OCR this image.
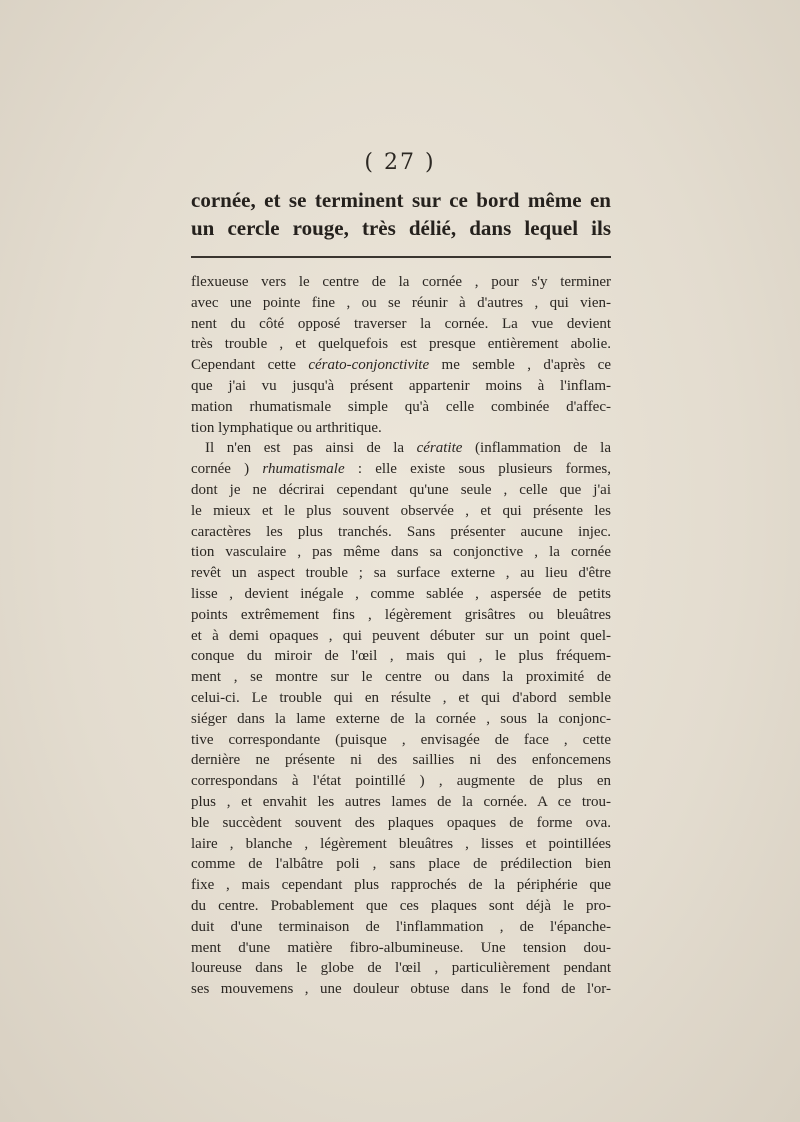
( 27 )
cornée, et se terminent sur ce bord même en
un cercle rouge, très délié, dans lequel ils
flexueuse vers le centre de la cornée , pour s'y terminer
avec une pointe fine , ou se réunir à d'autres , qui vien-
nent du côté opposé traverser la cornée. La vue devient
très trouble , et quelquefois est presque entièrement abolie.
Cependant cette cérato-conjonctivite me semble , d'après ce
que j'ai vu jusqu'à présent appartenir moins à l'inflam-
mation rhumatismale simple qu'à celle combinée d'affec-
tion lymphatique ou arthritique.
Il n'en est pas ainsi de la cératite (inflammation de la
cornée ) rhumatismale : elle existe sous plusieurs formes,
dont je ne décrirai cependant qu'une seule , celle que j'ai
le mieux et le plus souvent observée , et qui présente les
caractères les plus tranchés. Sans présenter aucune injec.
tion vasculaire , pas même dans sa conjonctive , la cornée
revêt un aspect trouble ; sa surface externe , au lieu d'être
lisse , devient inégale , comme sablée , aspersée de petits
points extrêmement fins , légèrement grisâtres ou bleuâtres
et à demi opaques , qui peuvent débuter sur un point quel-
conque du miroir de l'œil , mais qui , le plus fréquem-
ment , se montre sur le centre ou dans la proximité de
celui-ci. Le trouble qui en résulte , et qui d'abord semble
siéger dans la lame externe de la cornée , sous la conjonc-
tive correspondante (puisque , envisagée de face , cette
dernière ne présente ni des saillies ni des enfoncemens
correspondans à l'état pointillé ) , augmente de plus en
plus , et envahit les autres lames de la cornée. A ce trou-
ble succèdent souvent des plaques opaques de forme ova.
laire , blanche , légèrement bleuâtres , lisses et pointillées
comme de l'albâtre poli , sans place de prédilection bien
fixe , mais cependant plus rapprochés de la périphérie que
du centre. Probablement que ces plaques sont déjà le pro-
duit d'une terminaison de l'inflammation , de l'épanche-
ment d'une matière fibro-albumineuse. Une tension dou-
loureuse dans le globe de l'œil , particulièrement pendant
ses mouvemens , une douleur obtuse dans le fond de l'or-
